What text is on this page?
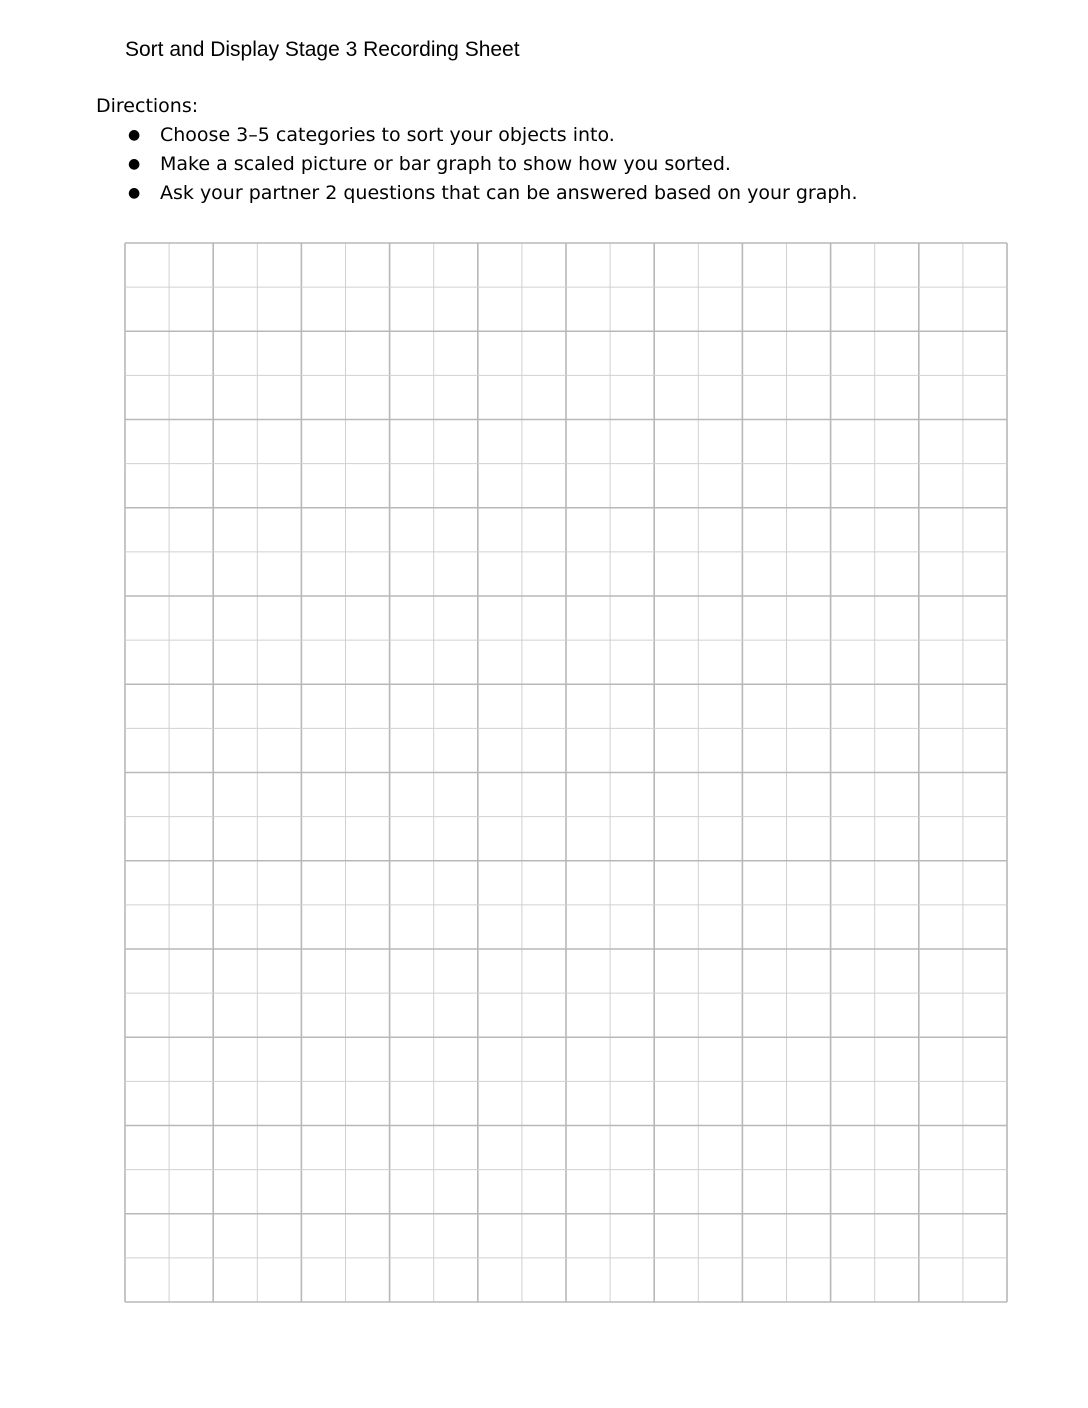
Sort and Display Stage 3 Recording Sheet
Directions:
● Choose 3–5 categories to sort your objects into.
● Make a scaled picture or bar graph to show how you sorted.
● Ask your partner 2 questions that can be answered based on your graph.
